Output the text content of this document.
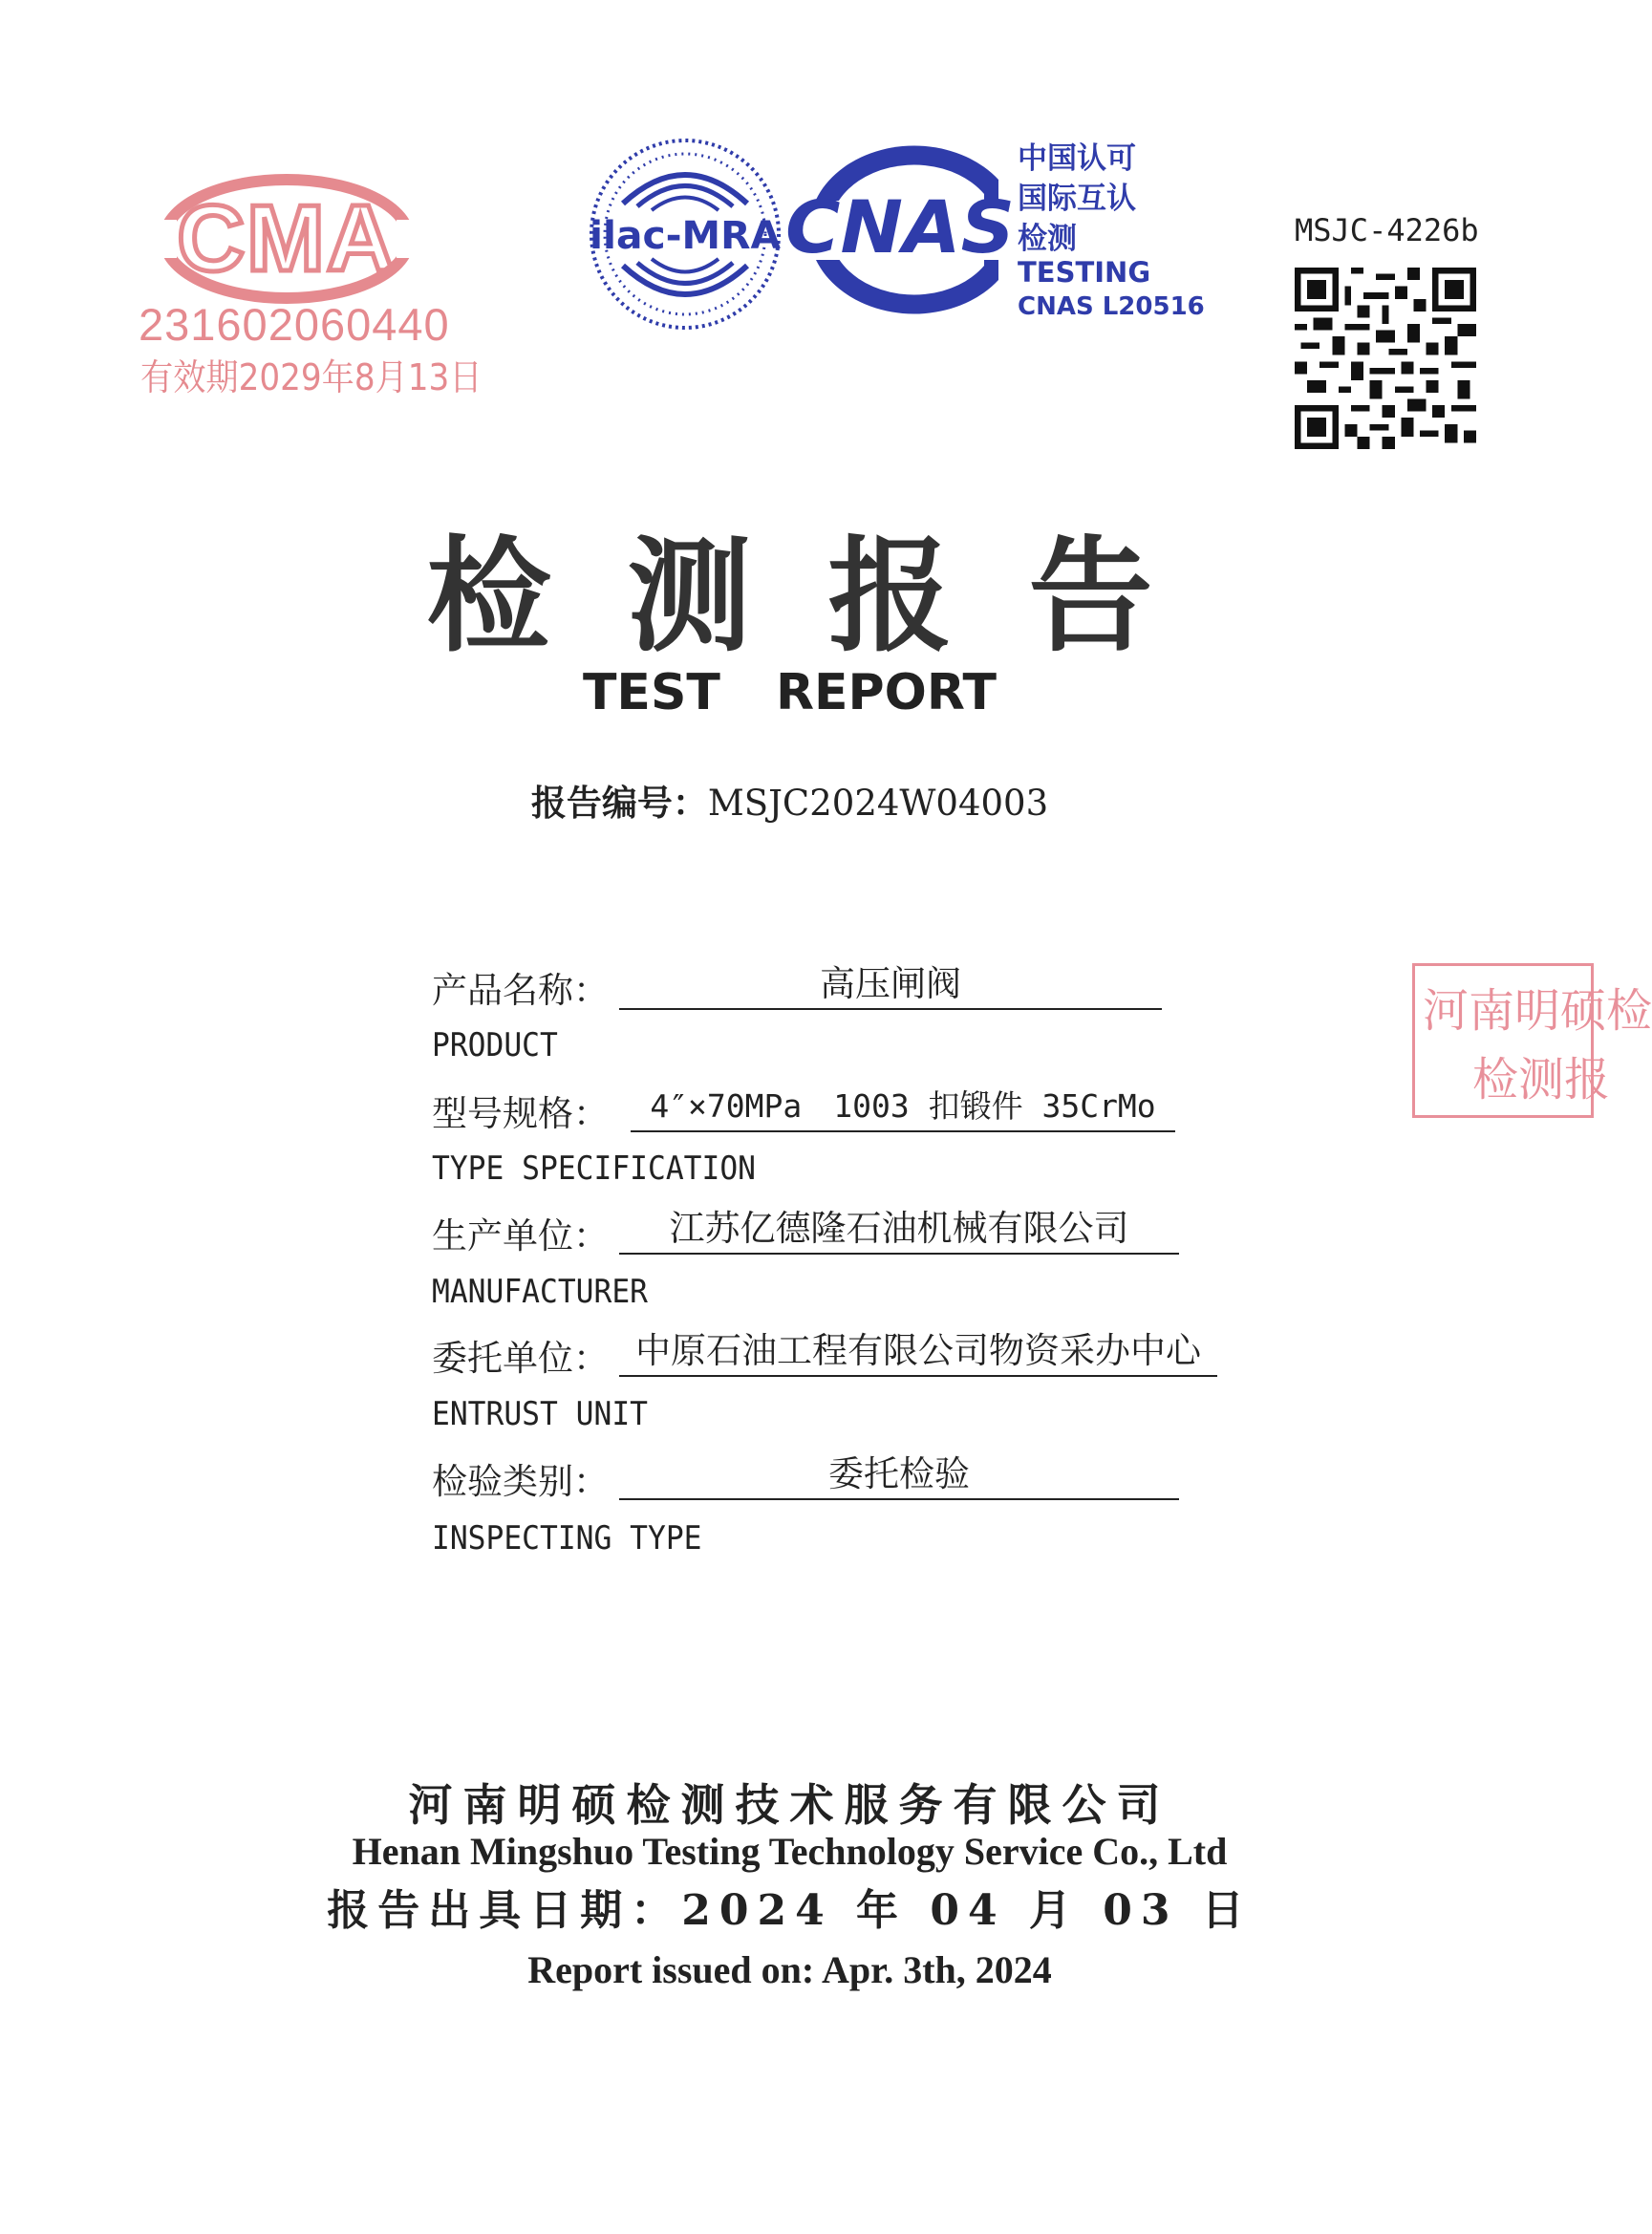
CMA
231602060440
有效期2029年8月13日
ilac-MRA CNAS
中国认可
国际互认
检测
TESTING
CNAS L20516
MSJC-4226b
河南明硕检
检测报
检测报告
TEST REPORT
报告编号：MSJC2024W04003
产品名称：	高压闸阀
PRODUCT
型号规格：	4″×70MPa　1003 扣锻件 35CrMo
TYPE SPECIFICATION
生产单位：	江苏亿德隆石油机械有限公司
MANUFACTURER
委托单位： 中原石油工程有限公司物资采办中心
ENTRUST UNIT
检验类别：	委托检验
INSPECTING TYPE
河南明硕检测技术服务有限公司
Henan Mingshuo Testing Technology Service Co., Ltd
报告出具日期：2024 年 04 月 03 日
Report issued on: Apr. 3th, 2024
